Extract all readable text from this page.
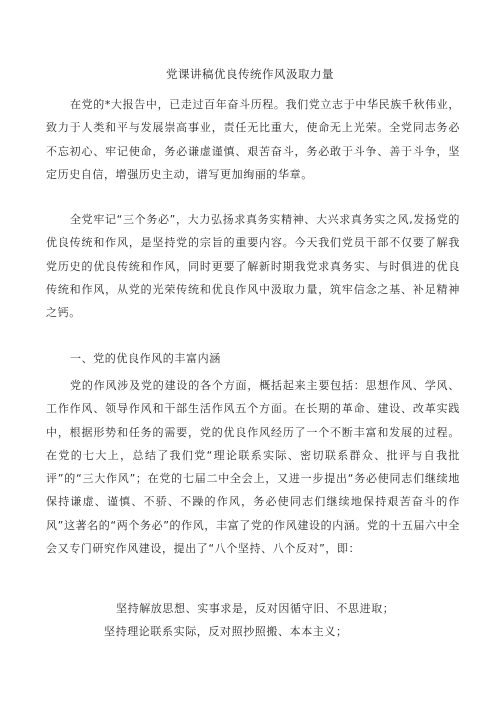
党课讲稿优良传统作风汲取力量

在党的*大报告中，已走过百年奋斗历程。我们党立志于中华民族千秋伟业，致力于人类和平与发展崇高事业，责任无比重大，使命无上光荣。全党同志务必不忘初心、牢记使命，务必谦虚谨慎、艰苦奋斗，务必敢于斗争、善于斗争，坚定历史自信，增强历史主动，谱写更加绚丽的华章。

全党牢记“三个务必”，大力弘扬求真务实精神、大兴求真务实之风,发扬党的优良传统和作风，是坚持党的宗旨的重要内容。今天我们党员干部不仅要了解我党历史的优良传统和作风，同时更要了解新时期我党求真务实、与时俱进的优良传统和作风，从党的光荣传统和优良作风中汲取力量，筑牢信念之基、补足精神之钙。

一、党的优良作风的丰富内涵

党的作风涉及党的建设的各个方面，概括起来主要包括：思想作风、学风、工作作风、领导作风和干部生活作风五个方面。在长期的革命、建设、改革实践中，根据形势和任务的需要，党的优良作风经历了一个不断丰富和发展的过程。在党的七大上，总结了我们党“理论联系实际、密切联系群众、批评与自我批评”的“三大作风”；在党的七届二中全会上，又进一步提出“务必使同志们继续地保持谦虚、谨慎、不骄、不躁的作风，务必使同志们继续地保持艰苦奋斗的作风”这著名的“两个务必”的作风，丰富了党的作风建设的内涵。党的十五届六中全会又专门研究作风建设，提出了“八个坚持、八个反对”，即：

坚持解放思想、实事求是，反对因循守旧、不思进取；
坚持理论联系实际，反对照抄照搬、本本主义；
